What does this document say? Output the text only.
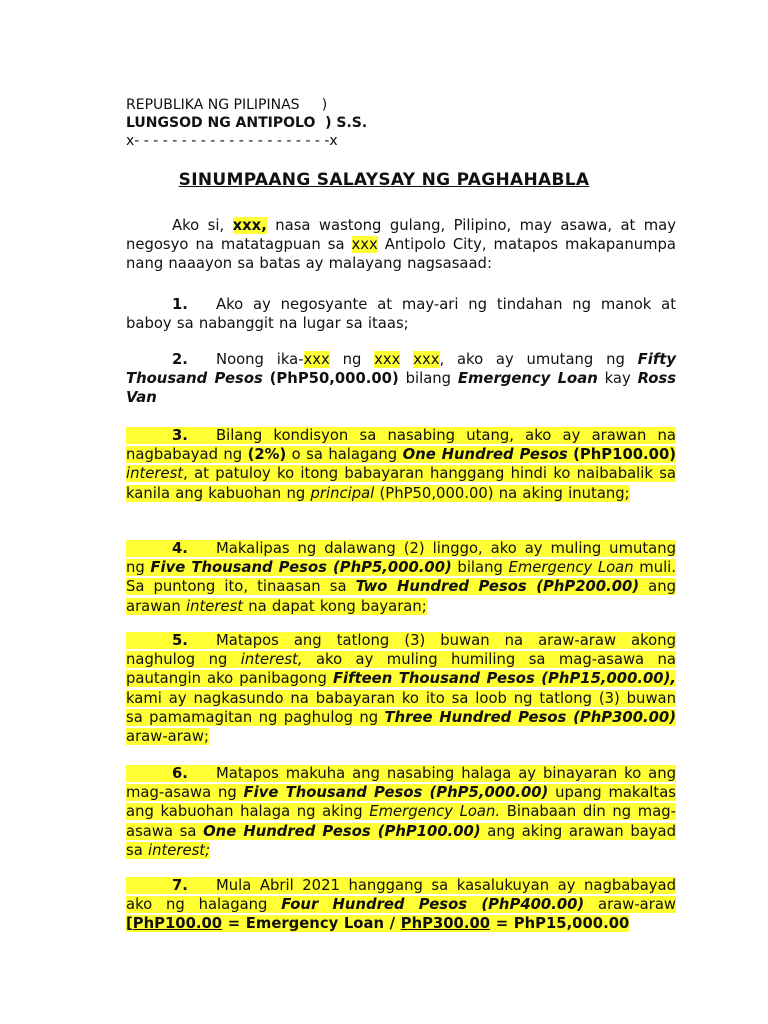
REPUBLIKA NG PILIPINAS     )
LUNGSOD NG ANTIPOLO  ) S.S.
x- - - - - - - - - - - - - - - - - - - - -x
SINUMPAANG SALAYSAY NG PAGHAHABLA
Ako si, xxx, nasa wastong gulang, Pilipino, may asawa, at may negosyo na matatagpuan sa xxx Antipolo City, matapos makapanumpa nang naaayon sa batas ay malayang nagsasaad:
1. Ako ay negosyante at may-ari ng tindahan ng manok at baboy sa nabanggit na lugar sa itaas;
2. Noong ika-xxx ng xxx xxx, ako ay umutang ng Fifty Thousand Pesos (PhP50,000.00) bilang Emergency Loan kay Ross Van
3. Bilang kondisyon sa nasabing utang, ako ay arawan na nagbabayad ng (2%) o sa halagang One Hundred Pesos (PhP100.00) interest, at patuloy ko itong babayaran hanggang hindi ko naibabalik sa kanila ang kabuohan ng principal (PhP50,000.00) na aking inutang;
4. Makalipas ng dalawang (2) linggo, ako ay muling umutang ng Five Thousand Pesos (PhP5,000.00) bilang Emergency Loan muli. Sa puntong ito, tinaasan sa Two Hundred Pesos (PhP200.00) ang arawan interest na dapat kong bayaran;
5. Matapos ang tatlong (3) buwan na araw-araw akong naghulog ng interest, ako ay muling humiling sa mag-asawa na pautangin ako panibagong Fifteen Thousand Pesos (PhP15,000.00), kami ay nagkasundo na babayaran ko ito sa loob ng tatlong (3) buwan sa pamamagitan ng paghulog ng Three Hundred Pesos (PhP300.00) araw-araw;
6. Matapos makuha ang nasabing halaga ay binayaran ko ang mag-asawa ng Five Thousand Pesos (PhP5,000.00) upang makaltas ang kabuohan halaga ng aking Emergency Loan. Binabaan din ng mag-asawa sa One Hundred Pesos (PhP100.00) ang aking arawan bayad sa interest;
7. Mula Abril 2021 hanggang sa kasalukuyan ay nagbabayad ako ng halagang Four Hundred Pesos (PhP400.00) araw-araw [PhP100.00 = Emergency Loan / PhP300.00 = PhP15,000.00
